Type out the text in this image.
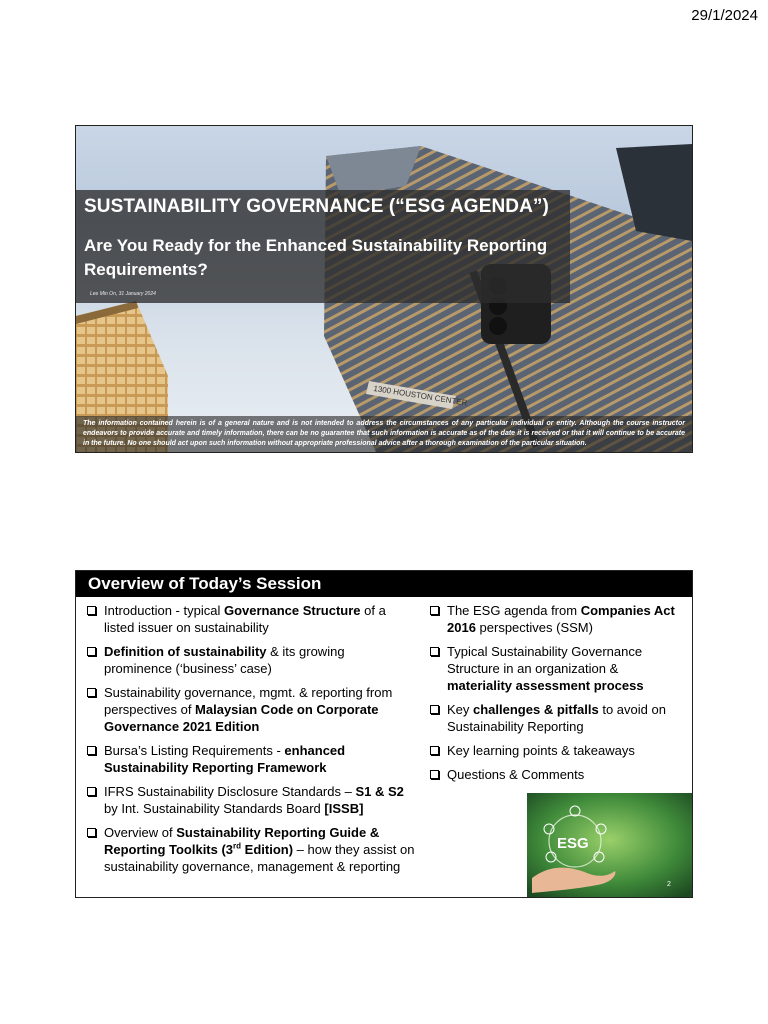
29/1/2024
1300 HOUSTON CENTER
SUSTAINABILITY GOVERNANCE (“ESG AGENDA”)
Are You Ready for the Enhanced Sustainability Reporting Requirements?
Lee Min On, 31 January 2024
The information contained herein is of a general nature and is not intended to address the circumstances of any particular individual or entity. Although the course instructor endeavors to provide accurate and timely information, there can be no guarantee that such information is accurate as of the date it is received or that it will continue to be accurate in the future. No one should act upon such information without appropriate professional advice after a thorough examination of the particular situation.
Overview of Today’s Session
Introduction - typical Governance Structure of a listed issuer on sustainability
Definition of sustainability & its growing prominence (‘business’ case)
Sustainability governance, mgmt. & reporting from perspectives of Malaysian Code on Corporate Governance 2021 Edition
Bursa’s Listing Requirements - enhanced Sustainability Reporting Framework
IFRS Sustainability Disclosure Standards – S1 & S2 by Int. Sustainability Standards Board [ISSB]
Overview of Sustainability Reporting Guide & Reporting Toolkits (3rd Edition) – how they assist on sustainability governance, management & reporting
The ESG agenda from Companies Act 2016 perspectives (SSM)
Typical Sustainability Governance Structure in an organization & materiality assessment process
Key challenges & pitfalls to avoid on Sustainability Reporting
Key learning points & takeaways
Questions & Comments
ESG
2
